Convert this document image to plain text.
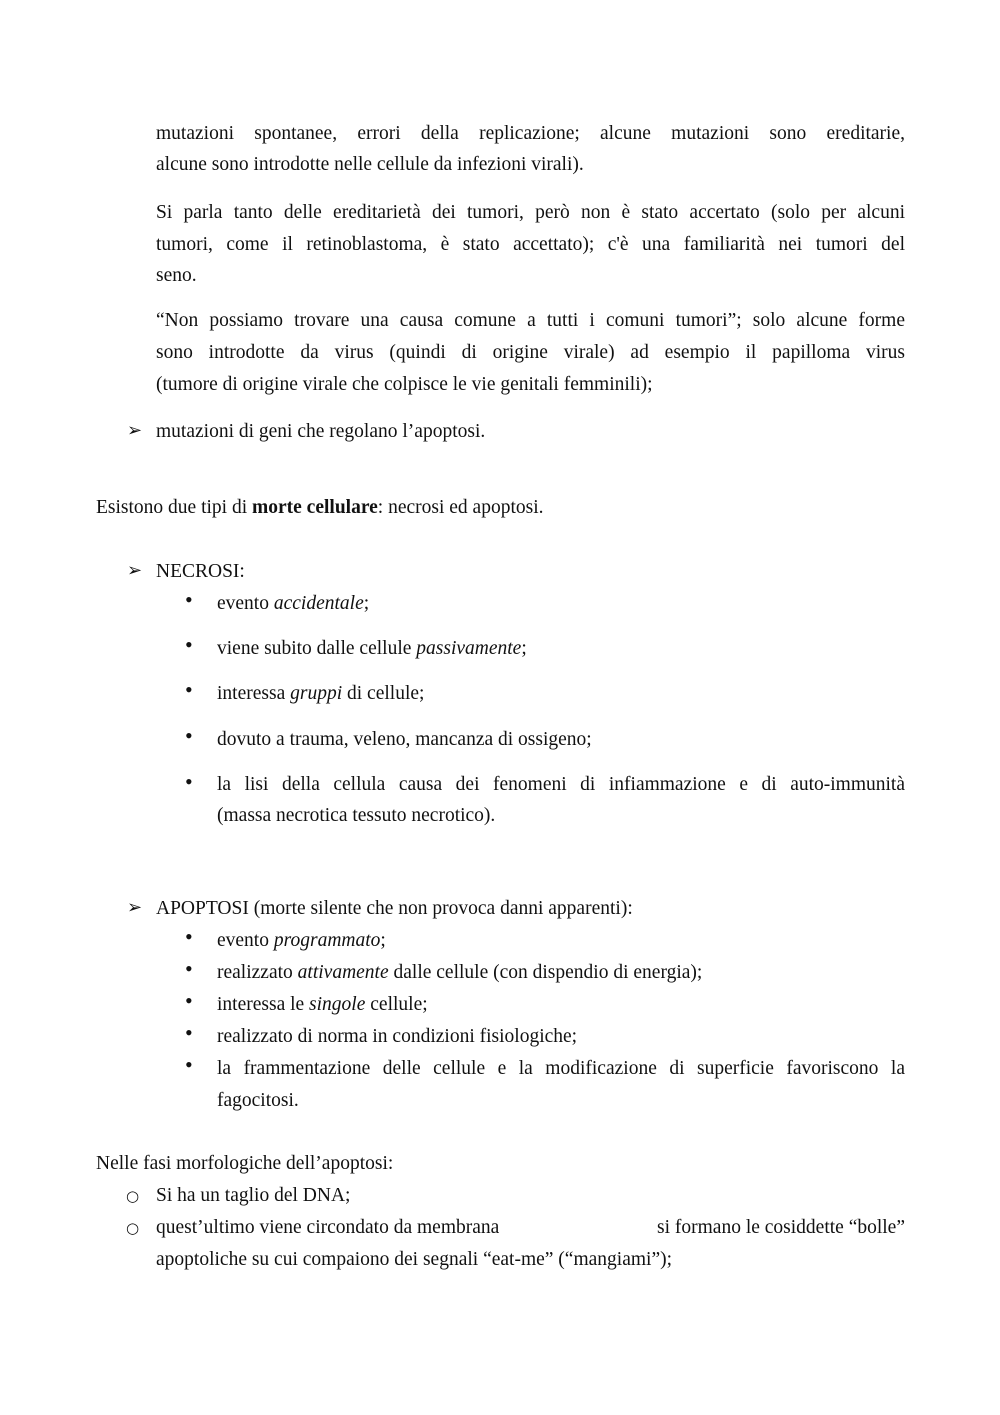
mutazioni spontanee, errori della replicazione; alcune mutazioni sono ereditarie,
alcune sono introdotte nelle cellule da infezioni virali).
Si parla tanto delle ereditarietà dei tumori, però non è stato accertato (solo per alcuni
tumori, come il retinoblastoma, è stato accettato); c'è una familiarità nei tumori del
seno.
“Non possiamo trovare una causa comune a tutti i comuni tumori”; solo alcune forme
sono introdotte da virus (quindi di origine virale) ad esempio il papilloma virus
(tumore di origine virale che colpisce le vie genitali femminili);
➢ mutazioni di geni che regolano l’apoptosi.
Esistono due tipi di morte cellulare: necrosi ed apoptosi.
➢ NECROSI:
• evento accidentale;
• viene subito dalle cellule passivamente;
• interessa gruppi di cellule;
• dovuto a trauma, veleno, mancanza di ossigeno;
• la lisi della cellula causa dei fenomeni di infiammazione e di auto-immunità
(massa necrotica tessuto necrotico).
➢ APOPTOSI (morte silente che non provoca danni apparenti):
• evento programmato;
• realizzato attivamente dalle cellule (con dispendio di energia);
• interessa le singole cellule;
• realizzato di norma in condizioni fisiologiche;
• la frammentazione delle cellule e la modificazione di superficie favoriscono la
fagocitosi.
Nelle fasi morfologiche dell’apoptosi:
○ Si ha un taglio del DNA;
○ quest’ultimo viene circondato da membrana	si formano le cosiddette “bolle”
apoptoliche su cui compaiono dei segnali “eat-me” (“mangiami”);
